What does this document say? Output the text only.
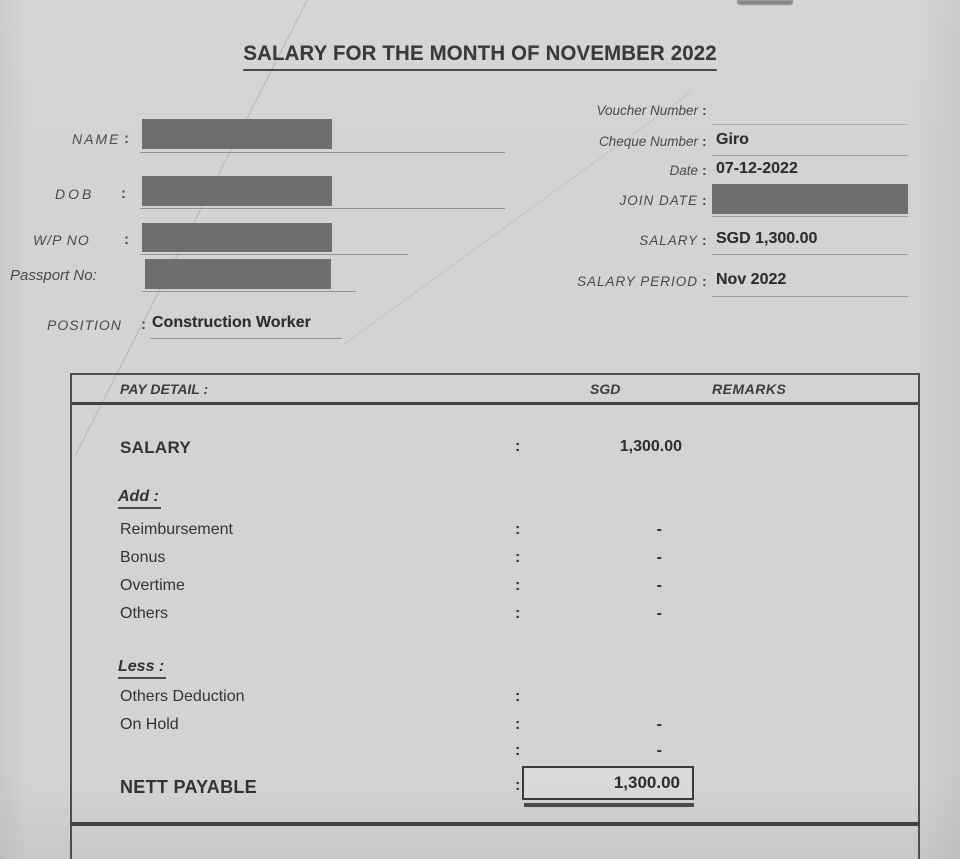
SALARY FOR THE MONTH OF NOVEMBER 2022
NAME :
DOB :
W/P NO :
Passport No:
POSITION : Construction Worker
Voucher Number :
Cheque Number : Giro
Date : 07-12-2022
JOIN DATE :
SALARY : SGD 1,300.00
SALARY PERIOD : Nov 2022
PAY DETAIL :	SGD	REMARKS
SALARY	:	1,300.00
Add :
Reimbursement	:	-
Bonus	:	-
Overtime	:	-
Others	:	-
Less :
Others Deduction	:
On Hold	:	-
:	-
NETT PAYABLE	:	1,300.00
